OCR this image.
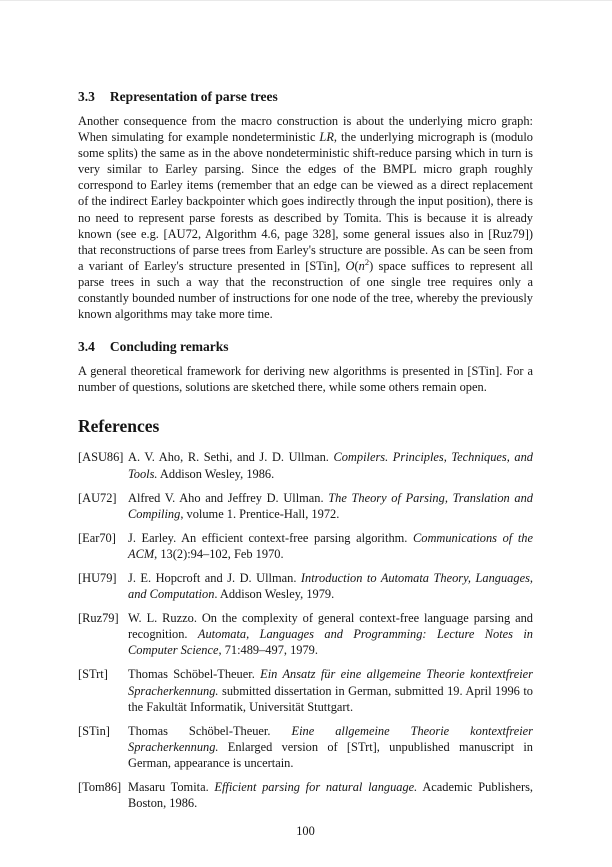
3.3 Representation of parse trees

Another consequence from the macro construction is about the underlying micro graph: When simulating for example nondeterministic LR, the underlying micrograph is (modulo some splits) the same as in the above nondeterministic shift-reduce parsing which in turn is very similar to Earley parsing. Since the edges of the BMPL micro graph roughly correspond to Earley items (remember that an edge can be viewed as a direct replacement of the indirect Earley backpointer which goes indirectly through the input position), there is no need to represent parse forests as described by Tomita. This is because it is already known (see e.g. [AU72, Algorithm 4.6, page 328], some general issues also in [Ruz79]) that reconstructions of parse trees from Earley's structure are possible. As can be seen from a variant of Earley's structure presented in [STin], $O(n^2)$ space suffices to represent all parse trees in such a way that the reconstruction of one single tree requires only a constantly bounded number of instructions for one node of the tree, whereby the previously known algorithms may take more time.

3.4 Concluding remarks

A general theoretical framework for deriving new algorithms is presented in [STin]. For a number of questions, solutions are sketched there, while some others remain open.

References
[ASU86] A. V. Aho, R. Sethi, and J. D. Ullman. Compilers. Principles, Techniques, and Tools. Addison Wesley, 1986.
[AU72] Alfred V. Aho and Jeffrey D. Ullman. The Theory of Parsing, Translation and Compiling, volume 1. Prentice-Hall, 1972.
[Ear70] J. Earley. An efficient context-free parsing algorithm. Communications of the ACM, 13(2):94–102, Feb 1970.
[HU79] J. E. Hopcroft and J. D. Ullman. Introduction to Automata Theory, Languages, and Computation. Addison Wesley, 1979.
[Ruz79] W. L. Ruzzo. On the complexity of general context-free language parsing and recognition. Automata, Languages and Programming: Lecture Notes in Computer Science, 71:489–497, 1979.
[STrt]	Thomas Schöbel-Theuer. Ein Ansatz für eine allgemeine Theorie kontextfreier Spracherkennung. submitted dissertation in German, submitted 19. April 1996 to the Fakultät Informatik, Universität Stuttgart.
[STin]	Thomas Schöbel-Theuer. Eine allgemeine Theorie kontextfreier Spracherkennung. Enlarged version of [STrt], unpublished manuscript in German, appearance is uncertain.
[Tom86] Masaru Tomita. Efficient parsing for natural language. Academic Publishers, Boston, 1986.
100
